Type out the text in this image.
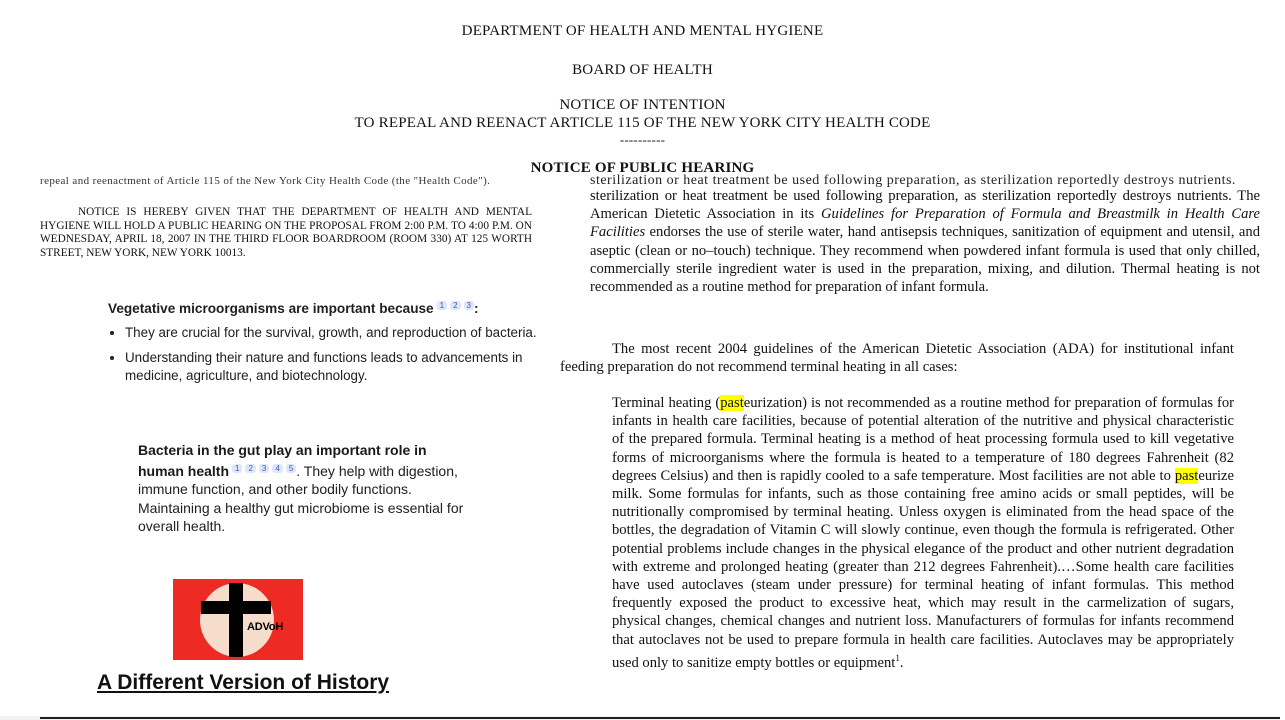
DEPARTMENT OF HEALTH AND MENTAL HYGIENE
BOARD OF HEALTH
NOTICE OF INTENTION
TO REPEAL AND REENACT ARTICLE 115 OF THE NEW YORK CITY HEALTH CODE
----------
NOTICE OF PUBLIC HEARING
repeal and reenactment of Article 115 of the New York City Health Code (the "Health Code").

NOTICE IS HEREBY GIVEN THAT THE DEPARTMENT OF HEALTH AND MENTAL HYGIENE WILL HOLD A PUBLIC HEARING ON THE PROPOSAL FROM 2:00 P.M. TO 4:00 P.M. ON WEDNESDAY, APRIL 18, 2007 IN THE THIRD FLOOR BOARDROOM (ROOM 330) AT 125 WORTH STREET, NEW YORK, NEW YORK 10013.

Vegetative microorganisms are important because $^1$ $^2$ $^3$ :
• They are crucial for the survival, growth, and reproduction of bacteria.
• Understanding their nature and functions leads to advancements in medicine, agriculture, and biotechnology.
Bacteria in the gut play an important role in human health $^1$ $^2$ $^3$ $^4$ $^5$ . They help with digestion, immune function, and other bodily functions. Maintaining a healthy gut microbiome is essential for overall health.
ADVoH
A Different Version of History
sterilization or heat treatment be used following preparation, as sterilization reportedly destroys nutrients.

sterilization or heat treatment be used following preparation, as sterilization reportedly destroys nutrients. The American Dietetic Association in its Guidelines for Preparation of Formula and Breastmilk in Health Care Facilities endorses the use of sterile water, hand antisepsis techniques, sanitization of equipment and utensil, and aseptic (clean or no–touch) technique. They recommend when powdered infant formula is used that only chilled, commercially sterile ingredient water is used in the preparation, mixing, and dilution. Thermal heating is not recommended as a routine method for preparation of infant formula.

The most recent 2004 guidelines of the American Dietetic Association (ADA) for institutional infant feeding preparation do not recommend terminal heating in all cases:

Terminal heating (pasteurization) is not recommended as a routine method for preparation of formulas for infants in health care facilities, because of potential alteration of the nutritive and physical characteristic of the prepared formula. Terminal heating is a method of heat processing formula used to kill vegetative forms of microorganisms where the formula is heated to a temperature of 180 degrees Fahrenheit (82 degrees Celsius) and then is rapidly cooled to a safe temperature. Most facilities are not able to pasteurize milk. Some formulas for infants, such as those containing free amino acids or small peptides, will be nutritionally compromised by terminal heating. Unless oxygen is eliminated from the head space of the bottles, the degradation of Vitamin C will slowly continue, even though the formula is refrigerated. Other potential problems include changes in the physical elegance of the product and other nutrient degradation with extreme and prolonged heating (greater than 212 degrees Fahrenheit).…Some health care facilities have used autoclaves (steam under pressure) for terminal heating of infant formulas. This method frequently exposed the product to excessive heat, which may result in the carmelization of sugars, physical changes, chemical changes and nutrient loss. Manufacturers of formulas for infants recommend that autoclaves not be used to prepare formula in health care facilities. Autoclaves may be appropriately used only to sanitize empty bottles or equipment$^1$.
